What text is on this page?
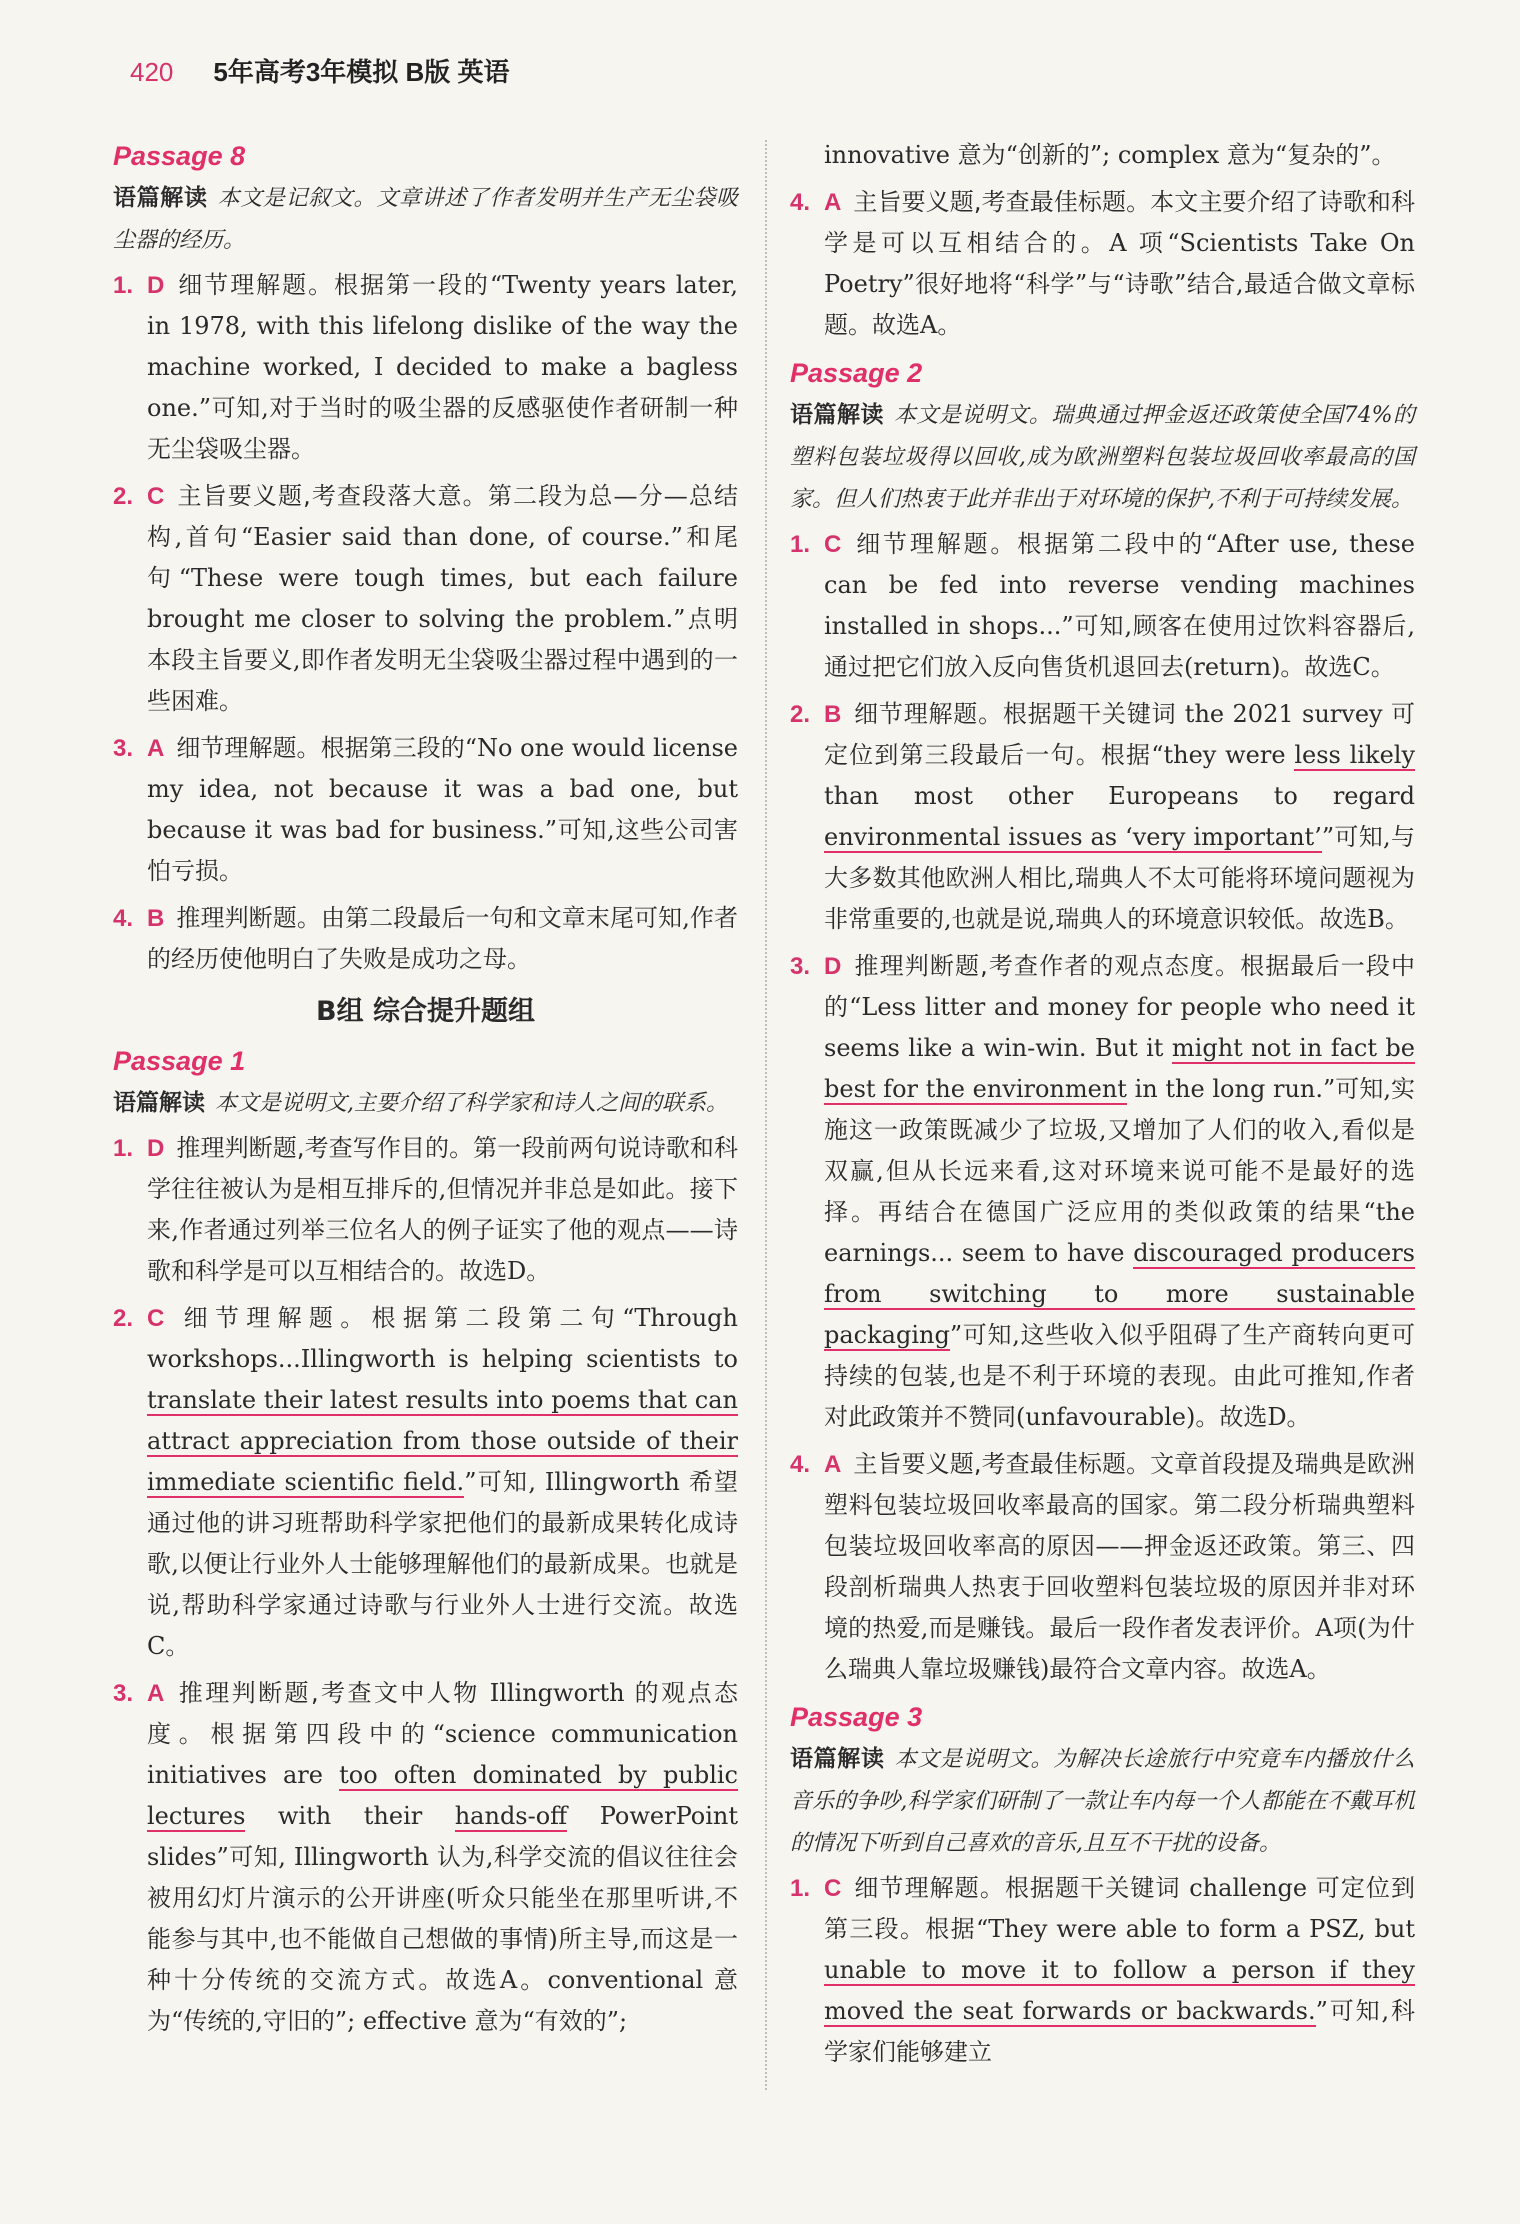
420 5年高考3年模拟 B版 英语

Passage 8

语篇解读 本文是记叙文。文章讲述了作者发明并生产无尘袋吸尘器的经历。

1. D 细节理解题。根据第一段的“Twenty years later, in 1978, with this lifelong dislike of the way the machine worked, I decided to make a bagless one.”可知,对于当时的吸尘器的反感驱使作者研制一种无尘袋吸尘器。
2. C 主旨要义题,考查段落大意。第二段为总—分—总结构,首句“Easier said than done, of course.”和尾句“These were tough times, but each failure brought me closer to solving the problem.”点明本段主旨要义,即作者发明无尘袋吸尘器过程中遇到的一些困难。
3. A 细节理解题。根据第三段的“No one would license my idea, not because it was a bad one, but because it was bad for business.”可知,这些公司害怕亏损。
4. B 推理判断题。由第二段最后一句和文章末尾可知,作者的经历使他明白了失败是成功之母。
B组 综合提升题组

Passage 1

语篇解读 本文是说明文,主要介绍了科学家和诗人之间的联系。

1. D 推理判断题,考查写作目的。第一段前两句说诗歌和科学往往被认为是相互排斥的,但情况并非总是如此。接下来,作者通过列举三位名人的例子证实了他的观点——诗歌和科学是可以互相结合的。故选D。
2. C 细节理解题。根据第二段第二句“Through workshops...Illingworth is helping scientists to translate their latest results into poems that can attract appreciation from those outside of their immediate scientific field.”可知, Illingworth 希望通过他的讲习班帮助科学家把他们的最新成果转化成诗歌,以便让行业外人士能够理解他们的最新成果。也就是说,帮助科学家通过诗歌与行业外人士进行交流。故选C。
3. A 推理判断题,考查文中人物 Illingworth 的观点态度。根据第四段中的“science communication initiatives are too often dominated by public lectures with their hands-off PowerPoint slides”可知, Illingworth 认为,科学交流的倡议往往会被用幻灯片演示的公开讲座(听众只能坐在那里听讲,不能参与其中,也不能做自己想做的事情)所主导,而这是一种十分传统的交流方式。故选A。conventional 意为“传统的,守旧的”; effective 意为“有效的”;

innovative 意为“创新的”; complex 意为“复杂的”。

4. A 主旨要义题,考查最佳标题。本文主要介绍了诗歌和科学是可以互相结合的。A 项“Scientists Take On Poetry”很好地将“科学”与“诗歌”结合,最适合做文章标题。故选A。

Passage 2

语篇解读 本文是说明文。瑞典通过押金返还政策使全国74%的塑料包装垃圾得以回收,成为欧洲塑料包装垃圾回收率最高的国家。但人们热衷于此并非出于对环境的保护,不利于可持续发展。

1. C 细节理解题。根据第二段中的“After use, these can be fed into reverse vending machines installed in shops...”可知,顾客在使用过饮料容器后,通过把它们放入反向售货机退回去(return)。故选C。
2. B 细节理解题。根据题干关键词 the 2021 survey 可定位到第三段最后一句。根据“they were less likely than most other Europeans to regard environmental issues as ‘very important’”可知,与大多数其他欧洲人相比,瑞典人不太可能将环境问题视为非常重要的,也就是说,瑞典人的环境意识较低。故选B。
3. D 推理判断题,考查作者的观点态度。根据最后一段中的“Less litter and money for people who need it seems like a win-win. But it might not in fact be best for the environment in the long run.”可知,实施这一政策既减少了垃圾,又增加了人们的收入,看似是双赢,但从长远来看,这对环境来说可能不是最好的选择。再结合在德国广泛应用的类似政策的结果“the earnings... seem to have discouraged producers from switching to more sustainable packaging”可知,这些收入似乎阻碍了生产商转向更可持续的包装,也是不利于环境的表现。由此可推知,作者对此政策并不赞同(unfavourable)。故选D。
4. A 主旨要义题,考查最佳标题。文章首段提及瑞典是欧洲塑料包装垃圾回收率最高的国家。第二段分析瑞典塑料包装垃圾回收率高的原因——押金返还政策。第三、四段剖析瑞典人热衷于回收塑料包装垃圾的原因并非对环境的热爱,而是赚钱。最后一段作者发表评价。A项(为什么瑞典人靠垃圾赚钱)最符合文章内容。故选A。

Passage 3

语篇解读 本文是说明文。为解决长途旅行中究竟车内播放什么音乐的争吵,科学家们研制了一款让车内每一个人都能在不戴耳机的情况下听到自己喜欢的音乐,且互不干扰的设备。

1. C 细节理解题。根据题干关键词 challenge 可定位到第三段。根据“They were able to form a PSZ, but unable to move it to follow a person if they moved the seat forwards or backwards.”可知,科学家们能够建立
